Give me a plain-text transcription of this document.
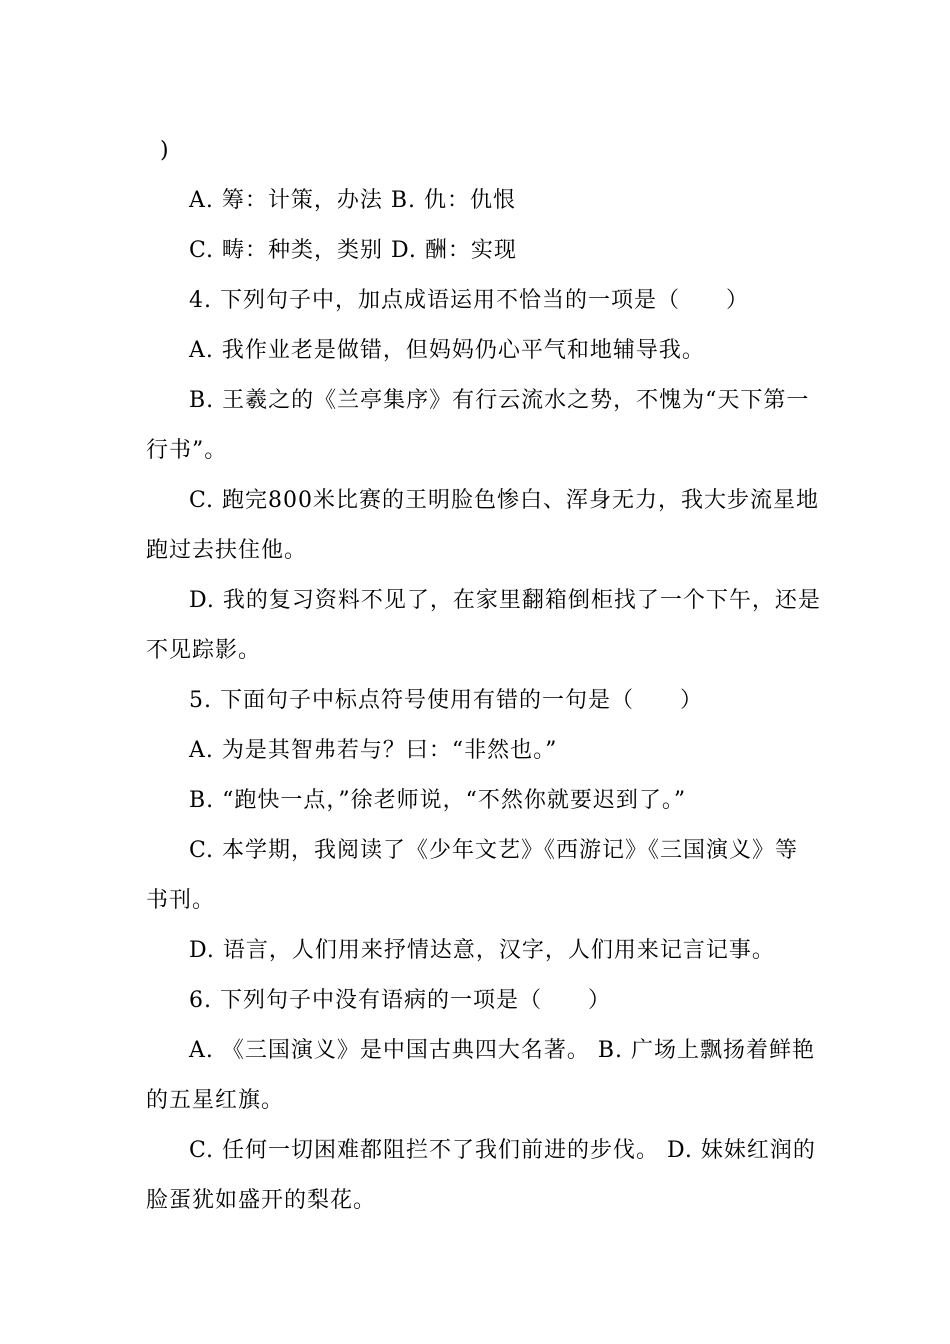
)
A. 筹：计策，办法 B. 仇：仇恨
C. 畴：种类，类别 D. 酬：实现
4. 下列句子中，加点成语运用不恰当的一项是（　　）
A. 我作业老是做错，但妈妈仍心平气和地辅导我。
B. 王羲之的《兰亭集序》有行云流水之势，不愧为“天下第一
行书”。
C. 跑完800米比赛的王明脸色惨白、浑身无力，我大步流星地
跑过去扶住他。
D. 我的复习资料不见了，在家里翻箱倒柜找了一个下午，还是
不见踪影。
5. 下面句子中标点符号使用有错的一句是（　　）
A. 为是其智弗若与？曰：“非然也。”
B. “跑快一点，”徐老师说，“不然你就要迟到了。”
C. 本学期，我阅读了《少年文艺》《西游记》《三国演义》等
书刊。
D. 语言，人们用来抒情达意，汉字，人们用来记言记事。
6. 下列句子中没有语病的一项是（　　）
A. 《三国演义》是中国古典四大名著。 B. 广场上飘扬着鲜艳
的五星红旗。
C. 任何一切困难都阻拦不了我们前进的步伐。 D. 妹妹红润的
脸蛋犹如盛开的梨花。
